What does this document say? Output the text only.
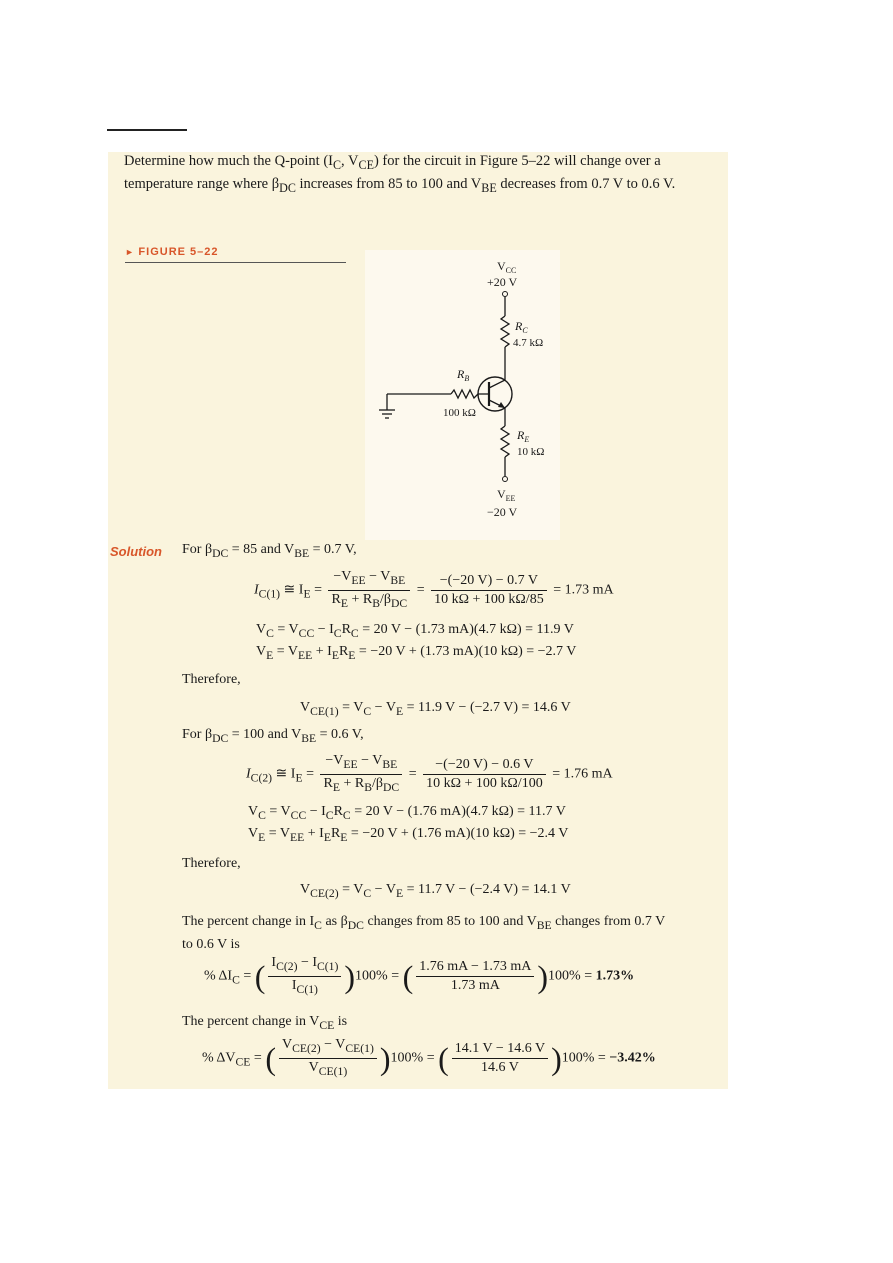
Determine how much the Q-point ($I_C$, $V_{CE}$) for the circuit in Figure 5–22 will change over a temperature range where $\beta_{DC}$ increases from 85 to 100 and $V_{BE}$ decreases from 0.7 V to 0.6 V.

► FIGURE 5–22
$V_{CC}$
+20 V
$R_C$
4.7 kΩ
$R_B$
100 kΩ
$R_E$
10 kΩ
$V_{EE}$
−20 V
Solution For $\beta_{DC} = 85$ and $V_{BE} = 0.7$ V,
$I_{C(1)}$ ≅ $I_E = \frac{-V_{EE} - V_{BE}}{R_E + R_B/\beta_{DC}} = \frac{-(-20 V) - 0.7 V}{10 k\Omega + 100 k\Omega/85} = 1.73$ mA
$V_C = V_{CC} - I_CR_C = 20$ V − (1.73 mA)(4.7 kΩ) = 11.9 V
$V_E = V_{EE} + I_ER_E = -20$ V + (1.73 mA)(10 kΩ) = −2.7 V
Therefore,
$V_{CE(1)} = V_C - V_E = 11.9$ V − (−2.7 V) = 14.6 V
For $\beta_{DC} = 100$ and $V_{BE} = 0.6$ V,
$I_{C(2)}$ ≅ $I_E = \frac{-V_{EE} - V_{BE}}{R_E + R_B/\beta_{DC}} = \frac{-(-20 V) - 0.6 V}{10 k\Omega + 100 k\Omega/100} = 1.76$ mA
$V_C = V_{CC} - I_CR_C = 20$ V − (1.76 mA)(4.7 kΩ) = 11.7 V
$V_E = V_{EE} + I_ER_E = -20$ V + (1.76 mA)(10 kΩ) = −2.4 V
Therefore,
$V_{CE(2)} = V_C - V_E = 11.7$ V − (−2.4 V) = 14.1 V
The percent change in $I_C$ as $\beta_{DC}$ changes from 85 to 100 and $V_{BE}$ changes from 0.7 V
to 0.6 V is
% $\Delta I_C$ = ( $\frac{I_{C(2)} - I_{C(1)}}{I_{C(1)}} )100\%$ = ( $\frac{1.76 mA - 1.73 mA}{1.73 mA} )100\% = 1.73\%$
The percent change in $V_{CE}$ is
% $\Delta V_{CE}$ = ( $\frac{V_{CE(2)} - V_{CE(1)}}{V_{CE(1)}} )100\%$ = ( $\frac{14.1 V - 14.6 V}{14.6 V} )100\% = -3.42\%$
